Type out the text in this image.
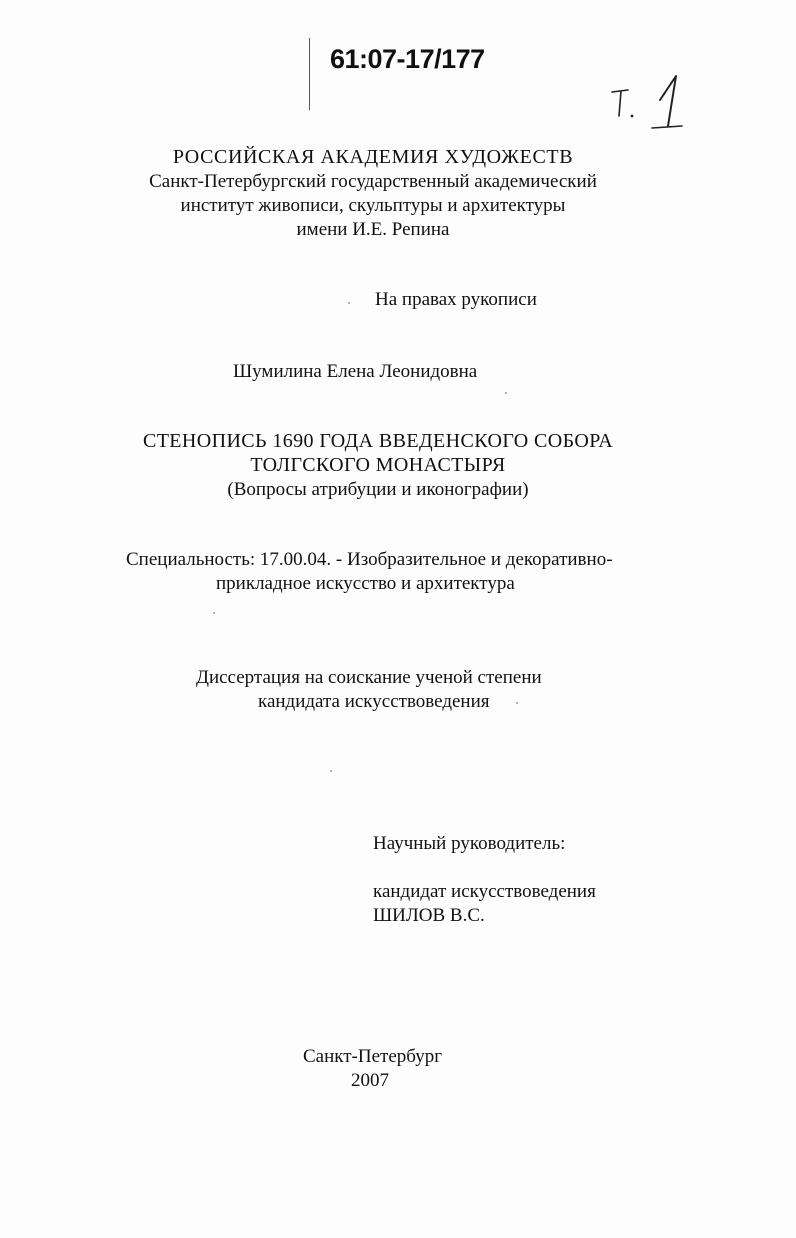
61:07-17/177
РОССИЙСКАЯ АКАДЕМИЯ ХУДОЖЕСТВ
Санкт-Петербургский государственный академический
институт живописи, скульптуры и архитектуры
имени И.Е. Репина
На правах рукописи
Шумилина Елена Леонидовна
СТЕНОПИСЬ 1690 ГОДА ВВЕДЕНСКОГО СОБОРА
ТОЛГСКОГО МОНАСТЫРЯ
(Вопросы атрибуции и иконографии)
Специальность: 17.00.04. - Изобразительное и декоративно-
прикладное искусство и архитектура
Диссертация на соискание ученой степени
кандидата искусствоведения
Научный руководитель:
кандидат искусствоведения
ШИЛОВ В.С.
Санкт-Петербург
2007
